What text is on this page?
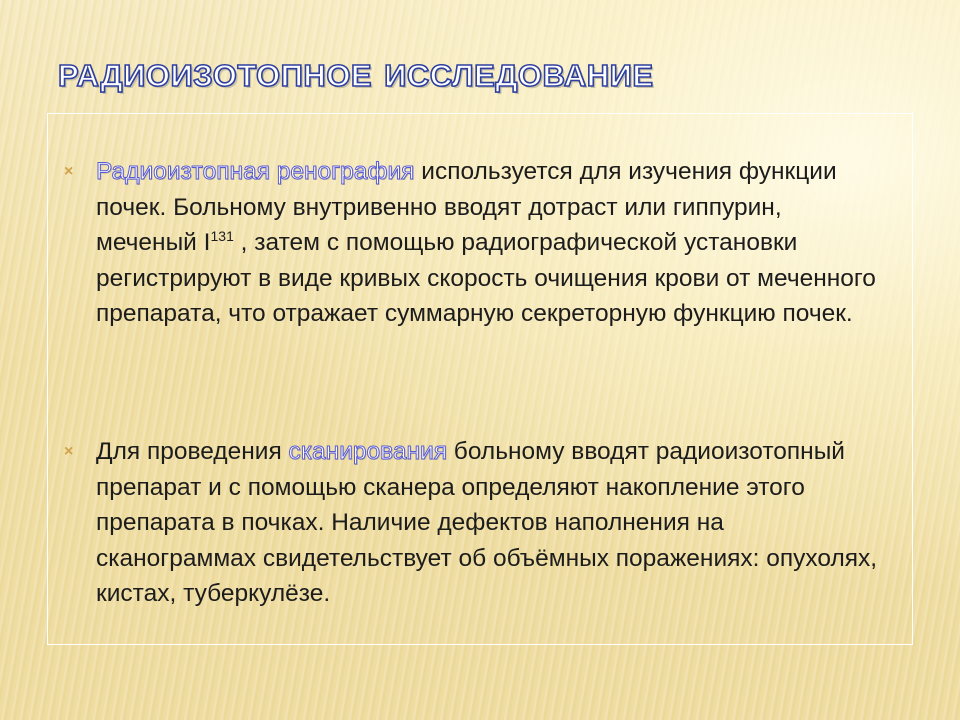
РАДИОИЗОТОПНОЕ ИССЛЕДОВАНИЕ
× Радиоизтопная ренография используется для изучения функции почек. Больному внутривенно вводят дотраст или гиппурин, меченый $I^{131}$ , затем с помощью радиографической установки регистрируют в виде кривых скорость очищения крови от меченного препарата, что отражает суммарную секреторную функцию почек.
× Для проведения сканирования больному вводят радиоизотопный препарат и с помощью сканера определяют накопление этого препарата в почках. Наличие дефектов наполнения на сканограммах свидетельствует об объёмных поражениях: опухолях, кистах, туберкулёзе.
